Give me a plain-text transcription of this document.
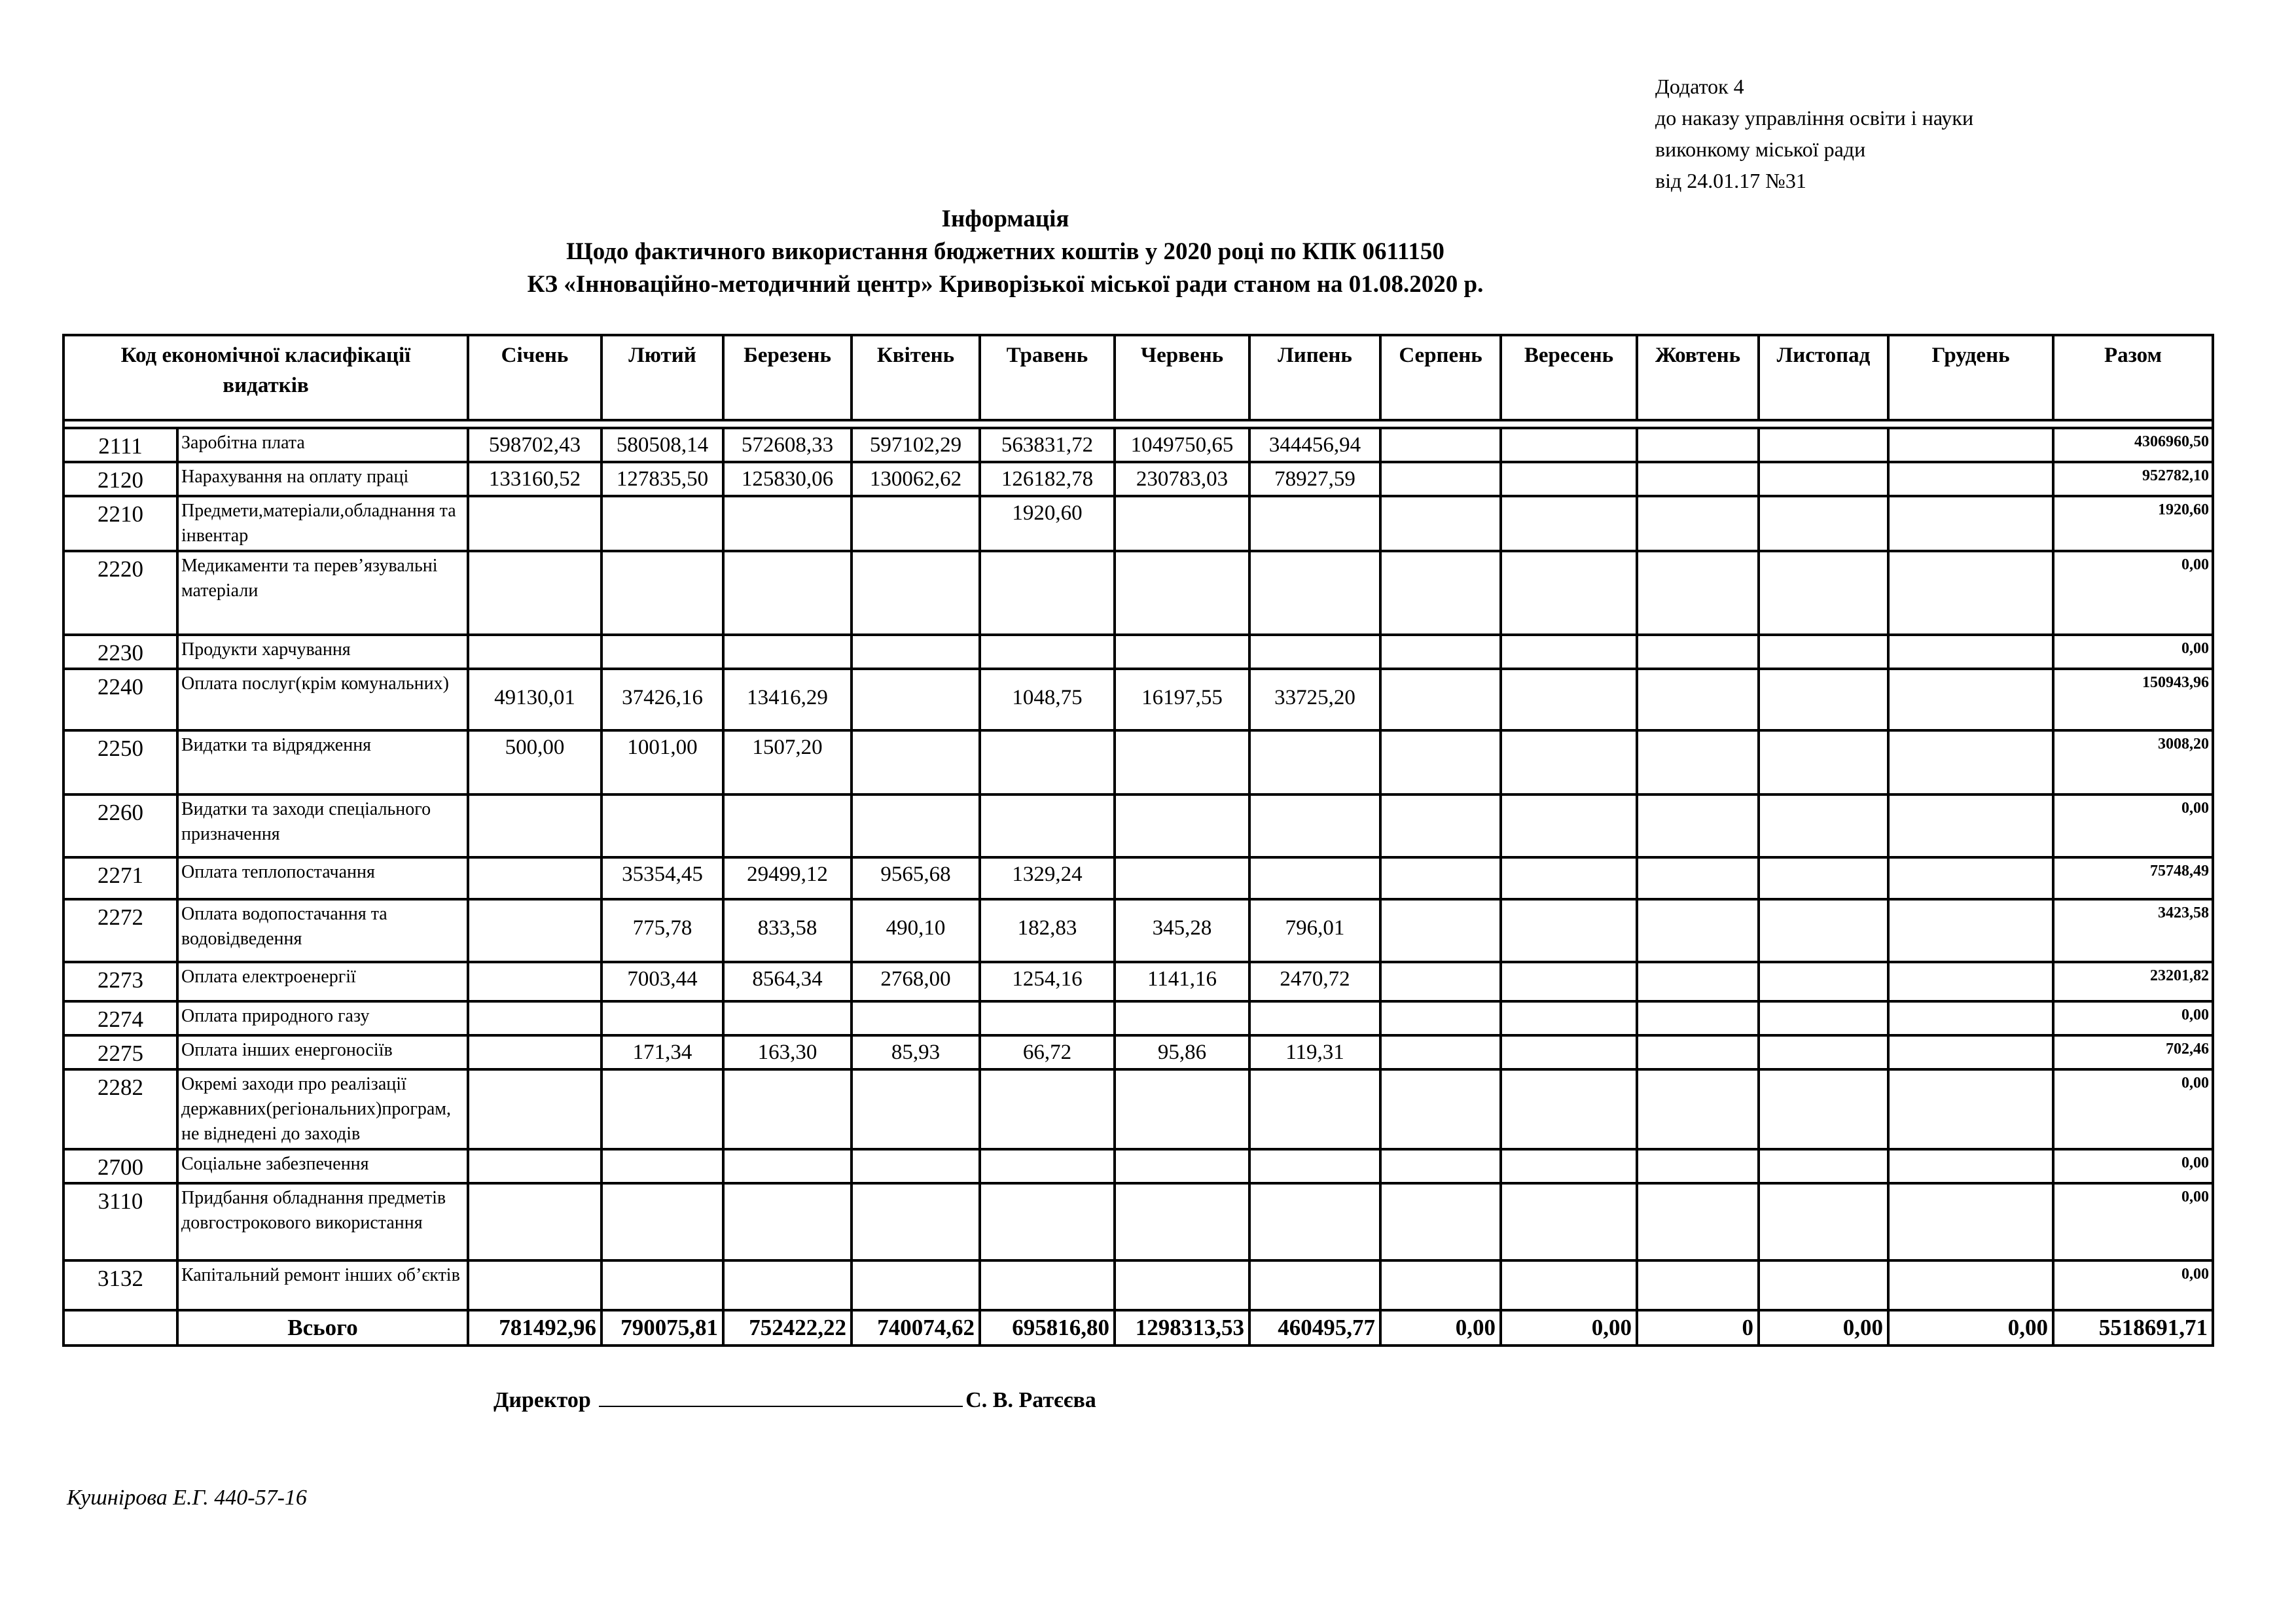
Додаток 4
до наказу управління освіти і науки
виконкому міської ради
від 24.01.17 №31
Інформація
Щодо фактичного використання бюджетних коштів у 2020 році по КПК 0611150
КЗ «Інноваційно-методичний центр» Криворізької міської ради станом на 01.08.2020 р.
Код економічної класифікації видатків		Січень	Лютий	Березень	Квітень	Травень	Червень	Липень	Серпень	Вересень	Жовтень	Листопад	Грудень	Разом

2111	Заробітна плата	598702,43	580508,14	572608,33	597102,29	563831,72	1049750,65	344456,94						4306960,50
2120	Нарахування на оплату праці	133160,52	127835,50	125830,06	130062,62	126182,78	230783,03	78927,59						952782,10
2210	Предмети,матеріали,обладнання та інвентар					1920,60								1920,60
2220	Медикаменти та перев’язувальні матеріали													0,00
2230	Продукти харчування													0,00
2240	Оплата послуг(крім комунальних)	49130,01	37426,16	13416,29		1048,75	16197,55	33725,20						150943,96
2250	Видатки та відрядження	500,00	1001,00	1507,20										3008,20
2260	Видатки та заходи спеціального призначення													0,00
2271	Оплата теплопостачання		35354,45	29499,12	9565,68	1329,24								75748,49
2272	Оплата водопостачання та водовідведення		775,78	833,58	490,10	182,83	345,28	796,01						3423,58
2273	Оплата електроенергії		7003,44	8564,34	2768,00	1254,16	1141,16	2470,72						23201,82
2274	Оплата природного газу													0,00
2275	Оплата інших енергоносіїв		171,34	163,30	85,93	66,72	95,86	119,31						702,46
2282	Окремі заходи про реалізації державних(регіональних)програм, не віднедені до заходів													0,00
2700	Соціальне забезпечення													0,00
3110	Придбання обладнання предметів довгострокового використання													0,00
3132	Капітальний ремонт інших об’єктів													0,00
	Всього	781492,96	790075,81	752422,22	740074,62	695816,80	1298313,53	460495,77	0,00	0,00	0	0,00	0,00	5518691,71
Директор	С. В. Ратєєва
Кушнірова Е.Г. 440-57-16
